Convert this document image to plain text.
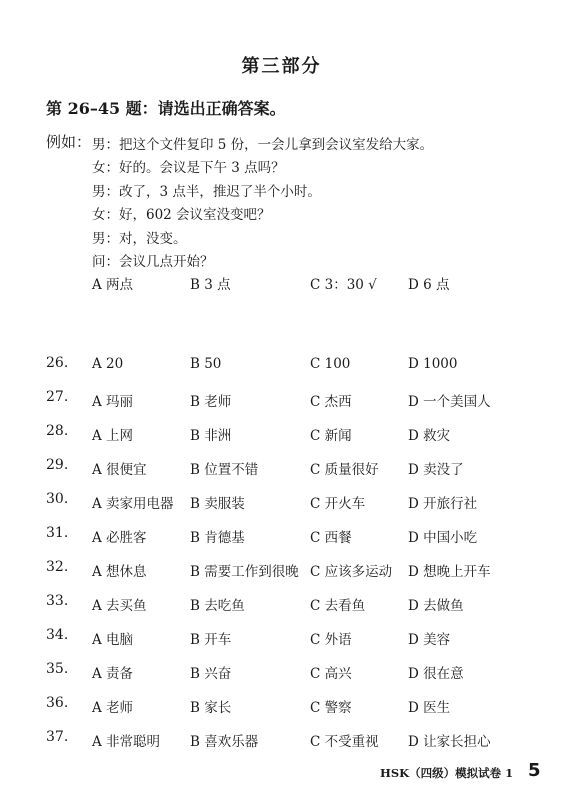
第三部分
第 26–45 题：请选出正确答案。
例如： 男：把这个文件复印 5 份，一会儿拿到会议室发给大家。
女：好的。会议是下午 3 点吗？
男：改了，3 点半，推迟了半个小时。
女：好，602 会议室没变吧？
男：对，没变。
问：会议几点开始？
A 两点	B 3 点	C 3：30 √ D 6 点
26. A 20	B 50	C 100	D 1000
27. A 玛丽	B 老师	C 杰西	D 一个美国人
28. A 上网	B 非洲	C 新闻	D 救灾
29. A 很便宜	B 位置不错	C 质量很好 D 卖没了
30. A 卖家用电器 B 卖服装	C 开火车	D 开旅行社
31. A 必胜客	B 肯德基	C 西餐	D 中国小吃
32. A 想休息	B 需要工作到很晚 C 应该多运动 D 想晚上开车
33. A 去买鱼	B 去吃鱼	C 去看鱼	D 去做鱼
34. A 电脑	B 开车	C 外语	D 美容
35. A 责备	B 兴奋	C 高兴	D 很在意
36. A 老师	B 家长	C 警察	D 医生
37. A 非常聪明 B 喜欢乐器	C 不受重视 D 让家长担心
HSK（四级）模拟试卷 1 5
